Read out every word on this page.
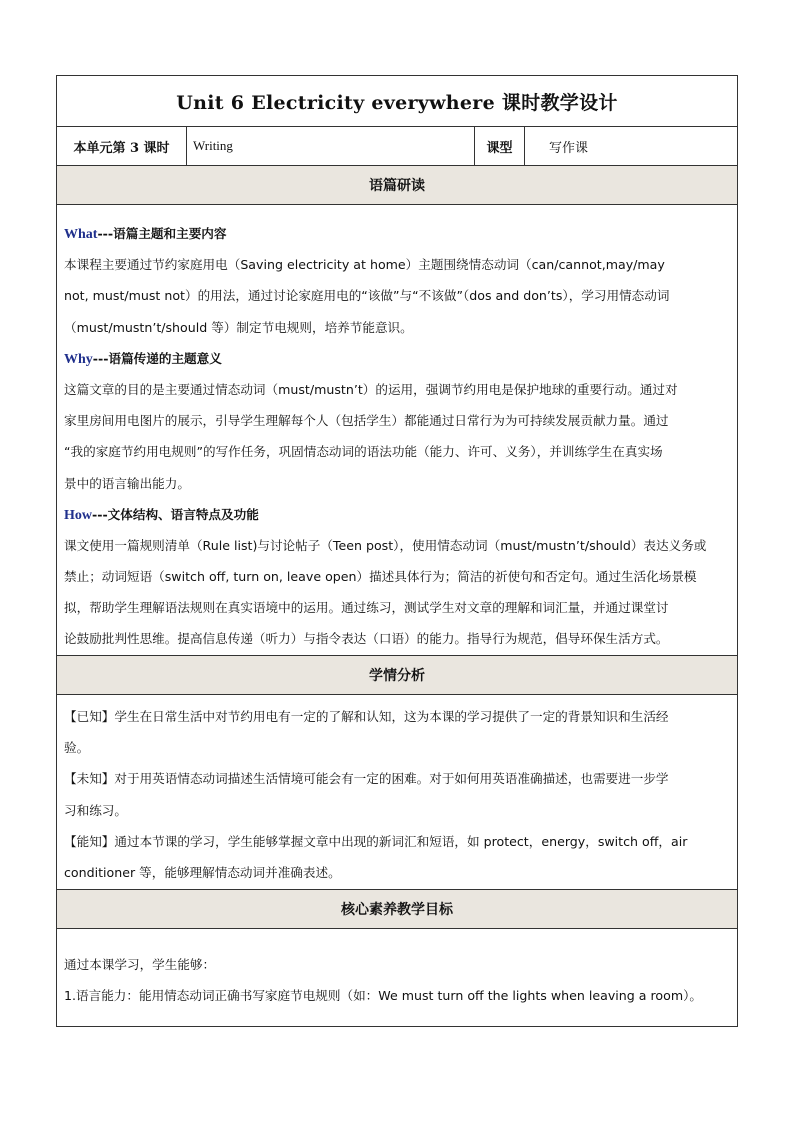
Unit 6 Electricity everywhere 课时教学设计
本单元第 3 课时	Writing	课型	写作课
语篇研读
What---语篇主题和主要内容
本课程主要通过节约家庭用电（Saving electricity at home）主题围绕情态动词（can/cannot,may/may
not, must/must not）的用法，通过讨论家庭用电的“该做”与“不该做”（dos and don’ts），学习用情态动词
（must/mustn’t/should 等）制定节电规则，培养节能意识。
Why---语篇传递的主题意义
这篇文章的目的是主要通过情态动词（must/mustn’t）的运用，强调节约用电是保护地球的重要行动。通过对
家里房间用电图片的展示，引导学生理解每个人（包括学生）都能通过日常行为为可持续发展贡献力量。通过
“我的家庭节约用电规则”的写作任务，巩固情态动词的语法功能（能力、许可、义务），并训练学生在真实场
景中的语言输出能力。
How---文体结构、语言特点及功能
课文使用一篇规则清单（Rule list)与讨论帖子（Teen post），使用情态动词（must/mustn’t/should）表达义务或
禁止；动词短语（switch off, turn on, leave open）描述具体行为；简洁的祈使句和否定句。通过生活化场景模
拟，帮助学生理解语法规则在真实语境中的运用。通过练习，测试学生对文章的理解和词汇量，并通过课堂讨
论鼓励批判性思维。提高信息传递（听力）与指令表达（口语）的能力。指导行为规范，倡导环保生活方式。
学情分析
【已知】学生在日常生活中对节约用电有一定的了解和认知，这为本课的学习提供了一定的背景知识和生活经
验。
【未知】对于用英语情态动词描述生活情境可能会有一定的困难。对于如何用英语准确描述，也需要进一步学
习和练习。
【能知】通过本节课的学习，学生能够掌握文章中出现的新词汇和短语，如 protect，energy，switch off，air
conditioner 等，能够理解情态动词并准确表述。
核心素养教学目标
通过本课学习，学生能够：
1.语言能力：能用情态动词正确书写家庭节电规则（如：We must turn off the lights when leaving a room）。
